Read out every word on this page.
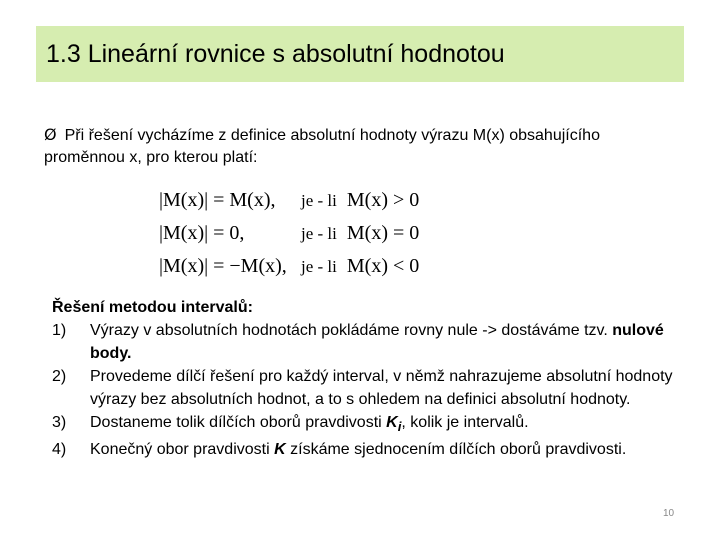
1.3 Lineární rovnice s absolutní hodnotou
Ø Při řešení vycházíme z definice absolutní hodnoty výrazu M(x) obsahujícího proměnnou x, pro kterou platí:
|M(x)| = M(x), je - li M(x) > 0
|M(x)| = 0,	je - li M(x) = 0
|M(x)| = −M(x), je - li M(x) < 0
Řešení metodou intervalů:
1) Výrazy v absolutních hodnotách pokládáme rovny nule -> dostáváme tzv. nulové body.
2) Provedeme dílčí řešení pro každý interval, v němž nahrazujeme absolutní hodnoty výrazy bez absolutních hodnot, a to s ohledem na definici absolutní hodnoty.
3) Dostaneme tolik dílčích oborů pravdivosti $K_i$, kolik je intervalů.
4) Konečný obor pravdivosti K získáme sjednocením dílčích oborů pravdivosti.
10
